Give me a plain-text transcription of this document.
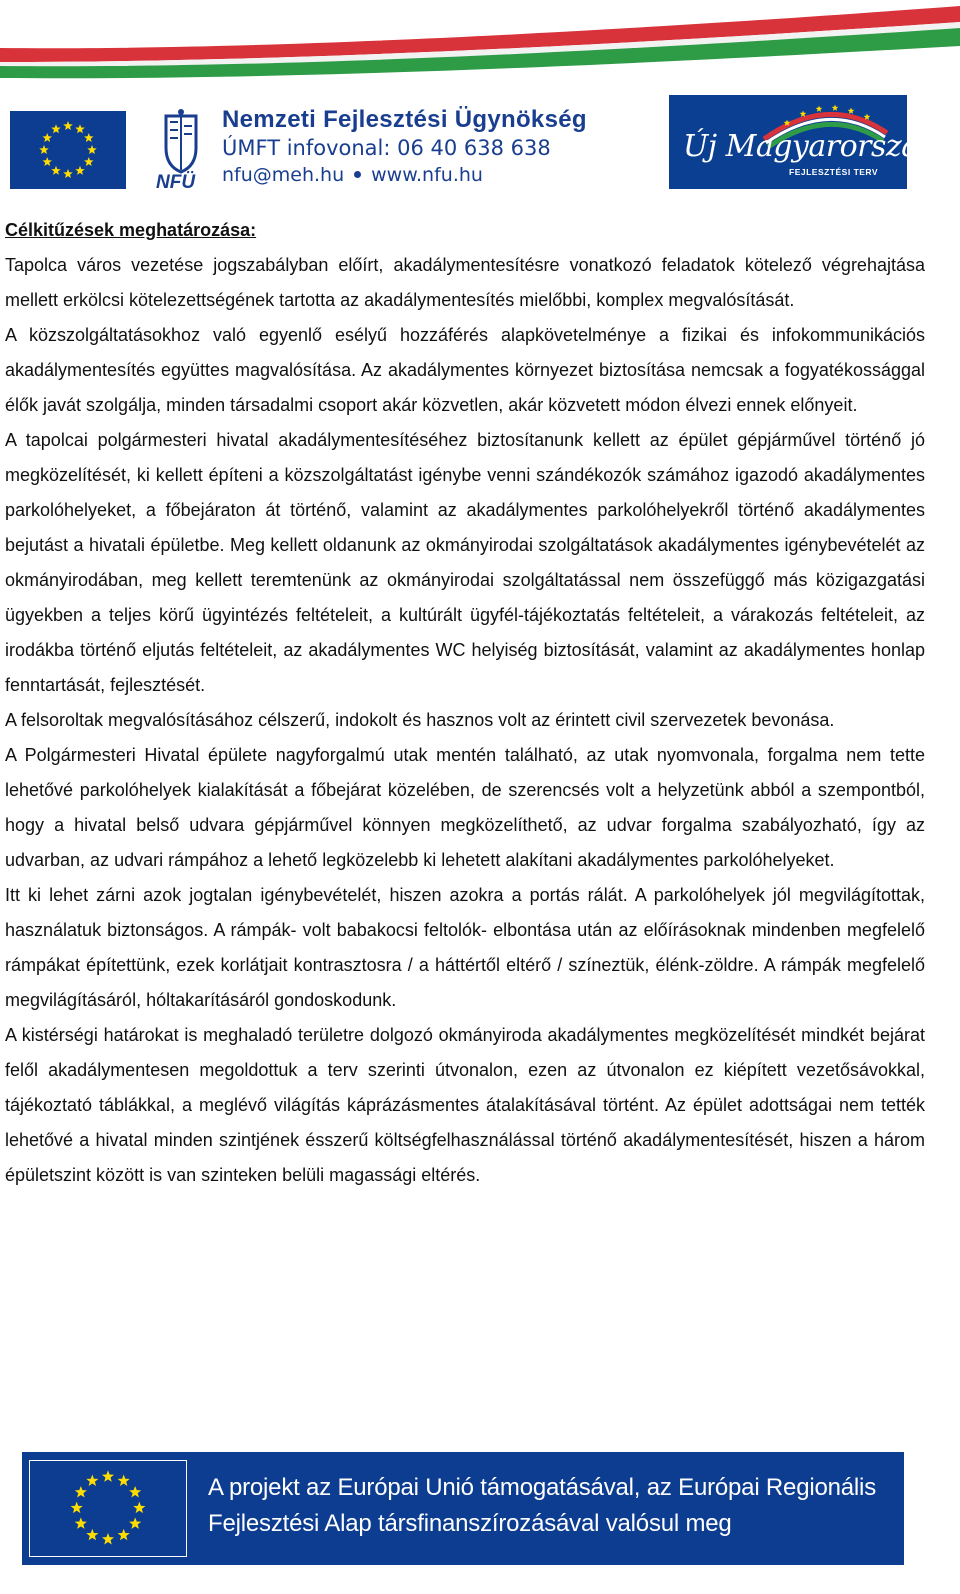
NFÜ
Nemzeti Fejlesztési Ügynökség
ÚMFT infovonal: 06 40 638 638
nfu@meh.hu www.nfu.hu
Új Magyarország
FEJLESZTÉSI TERV

Célkitűzések meghatározása:

Tapolca város vezetése jogszabályban előírt, akadálymentesítésre vonatkozó feladatok kötelező végrehajtása mellett erkölcsi kötelezettségének tartotta az akadálymentesítés mielőbbi, komplex megvalósítását.

A közszolgáltatásokhoz való egyenlő esélyű hozzáférés alapkövetelménye a fizikai és infokommunikációs akadálymentesítés együttes magvalósítása. Az akadálymentes környezet biztosítása nemcsak a fogyatékossággal élők javát szolgálja, minden társadalmi csoport akár közvetlen, akár közvetett módon élvezi ennek előnyeit.

A tapolcai polgármesteri hivatal akadálymentesítéséhez biztosítanunk kellett az épület gépjárművel történő jó megközelítését, ki kellett építeni a közszolgáltatást igénybe venni szándékozók számához igazodó akadálymentes parkolóhelyeket, a főbejáraton át történő, valamint az akadálymentes parkolóhelyekről történő akadálymentes bejutást a hivatali épületbe. Meg kellett oldanunk az okmányirodai szolgáltatások akadálymentes igénybevételét az okmányirodában, meg kellett teremtenünk az okmányirodai szolgáltatással nem összefüggő más közigazgatási ügyekben a teljes körű ügyintézés feltételeit, a kultúrált ügyfél-tájékoztatás feltételeit, a várakozás feltételeit, az irodákba történő eljutás feltételeit, az akadálymentes WC helyiség biztosítását, valamint az akadálymentes honlap fenntartását, fejlesztését.

A felsoroltak megvalósításához célszerű, indokolt és hasznos volt az érintett civil szervezetek bevonása.

A Polgármesteri Hivatal épülete nagyforgalmú utak mentén található, az utak nyomvonala, forgalma nem tette lehetővé parkolóhelyek kialakítását a főbejárat közelében, de szerencsés volt a helyzetünk abból a szempontból, hogy a hivatal belső udvara gépjárművel könnyen megközelíthető, az udvar forgalma szabályozható, így az udvarban, az udvari rámpához a lehető legközelebb ki lehetett alakítani akadálymentes parkolóhelyeket.

Itt ki lehet zárni azok jogtalan igénybevételét, hiszen azokra a portás rálát. A parkolóhelyek jól megvilágítottak, használatuk biztonságos. A rámpák- volt babakocsi feltolók- elbontása után az előírásoknak mindenben megfelelő rámpákat építettünk, ezek korlátjait kontrasztosra / a háttértől eltérő / színeztük, élénk-zöldre. A rámpák megfelelő megvilágításáról, hóltakarításáról gondoskodunk.

A kistérségi határokat is meghaladó területre dolgozó okmányiroda akadálymentes megközelítését mindkét bejárat felől akadálymentesen megoldottuk a terv szerinti útvonalon, ezen az útvonalon ez kiépített vezetősávokkal, tájékoztató táblákkal, a meglévő világítás káprázásmentes átalakításával történt. Az épület adottságai nem tették lehetővé a hivatal minden szintjének ésszerű költségfelhasználással történő akadálymentesítését, hiszen a három épületszint között is van szinteken belüli magassági eltérés.

A projekt az Európai Unió támogatásával, az Európai Regionális
Fejlesztési Alap társfinanszírozásával valósul meg
